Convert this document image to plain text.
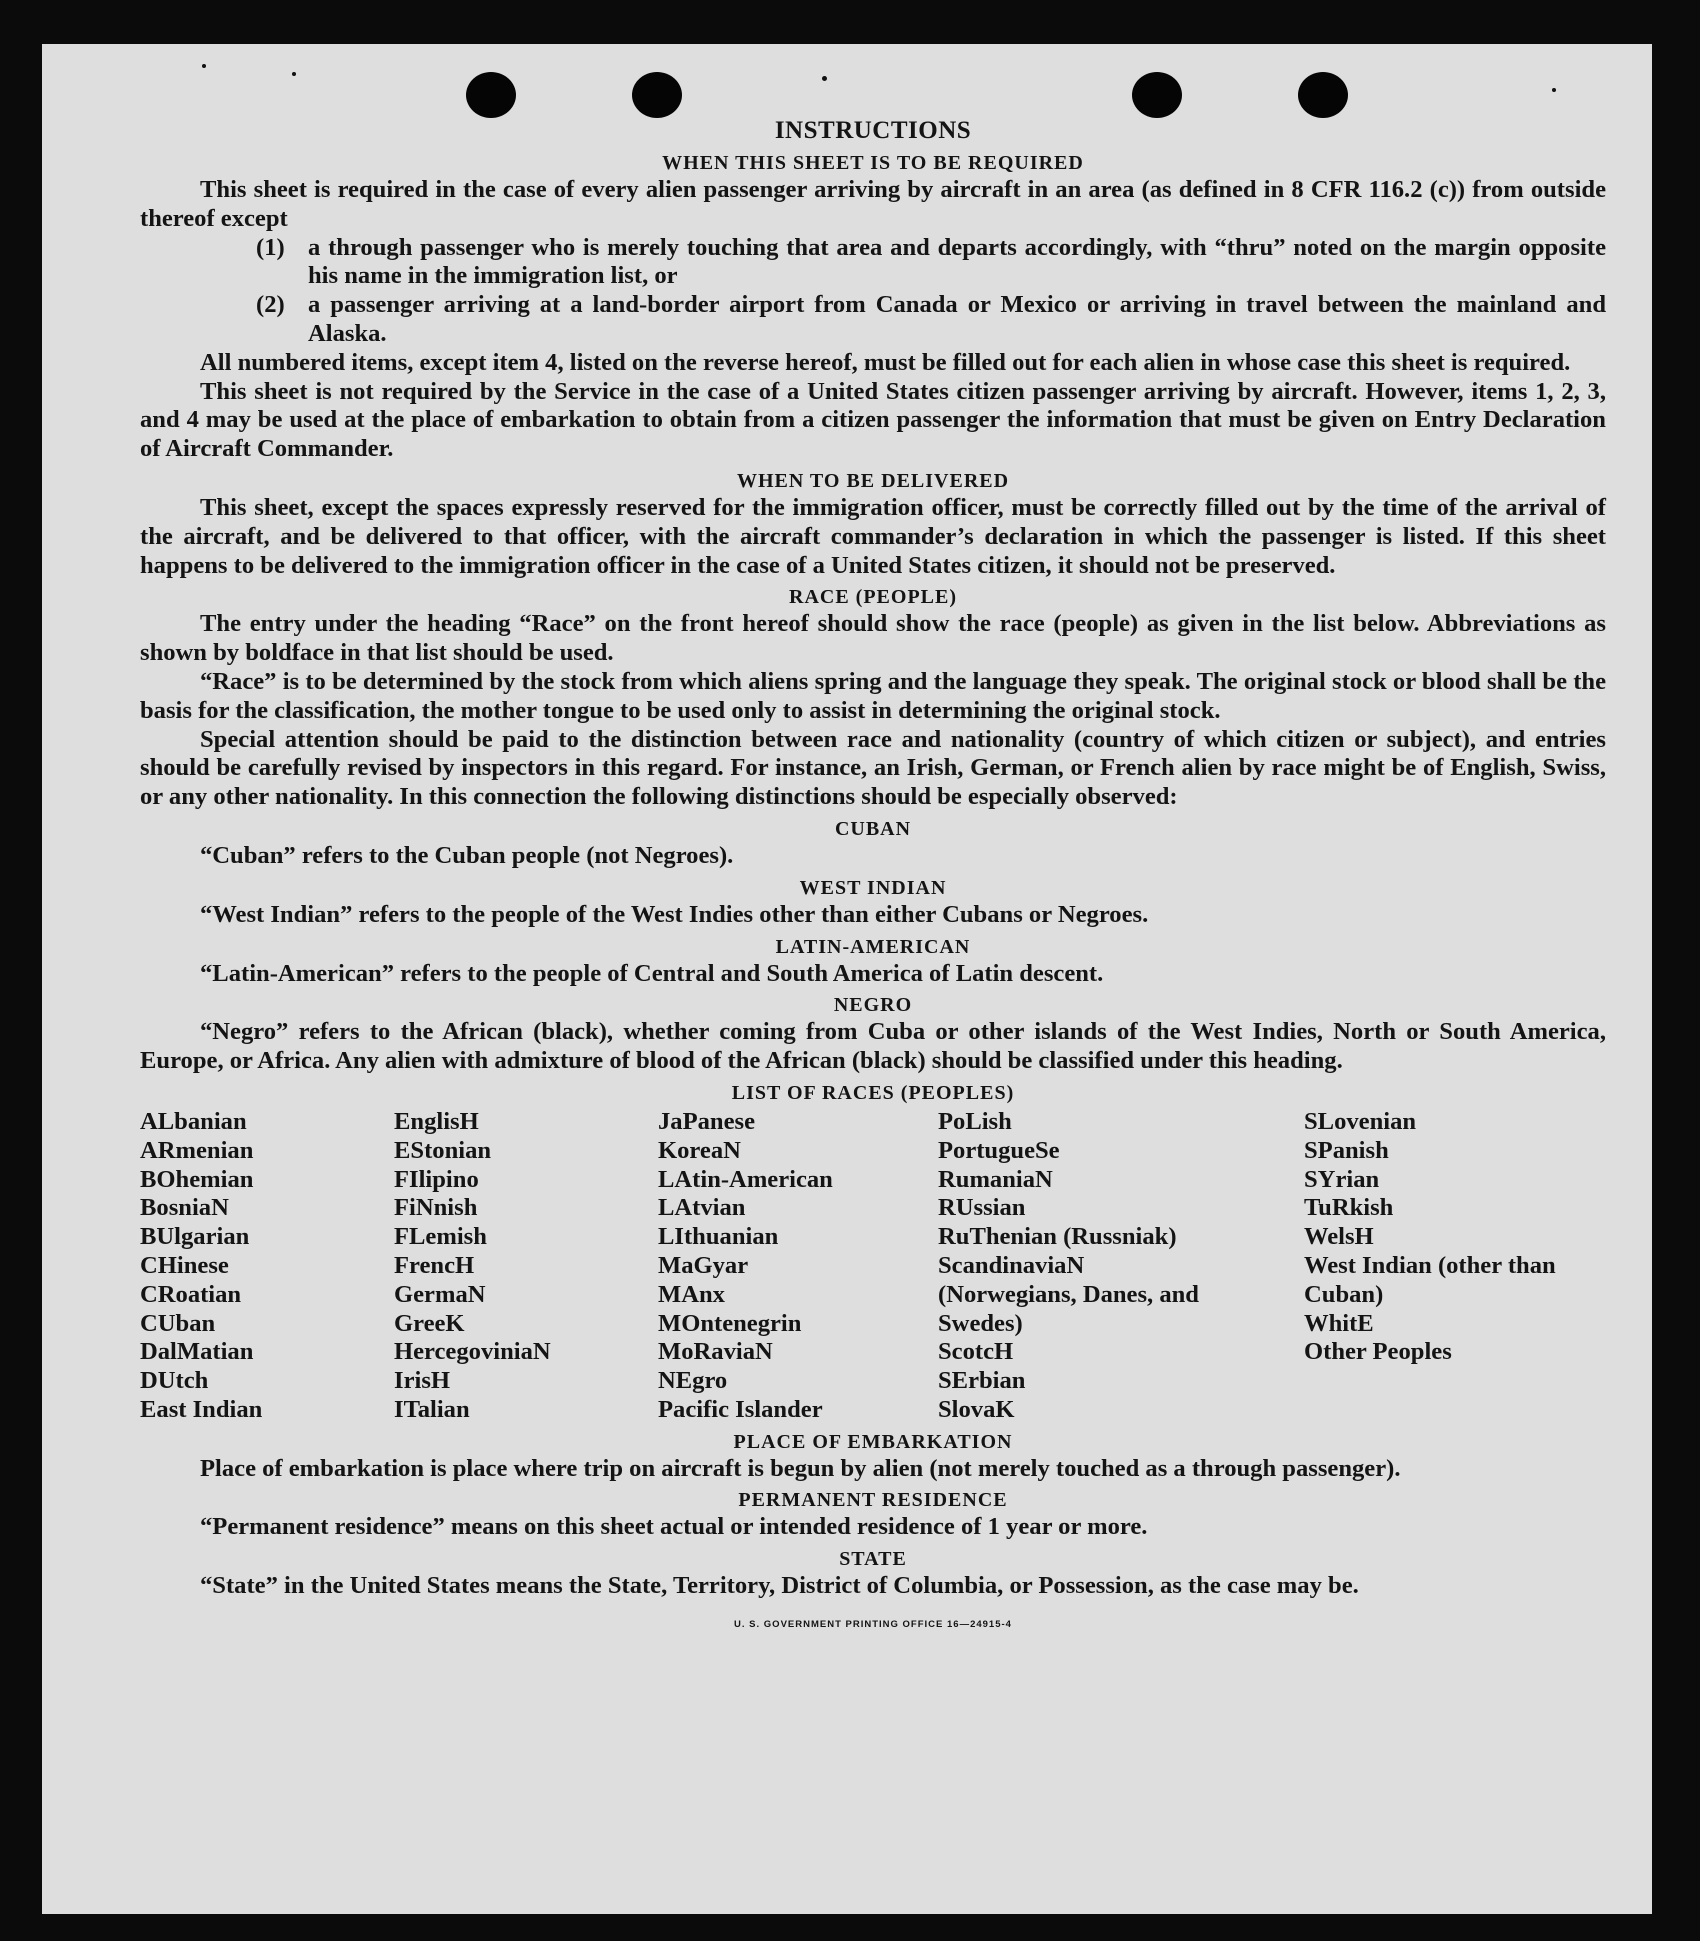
INSTRUCTIONS
WHEN THIS SHEET IS TO BE REQUIRED

This sheet is required in the case of every alien passenger arriving by aircraft in an area (as defined in 8 CFR 116.2 (c)) from outside thereof except

(1) a through passenger who is merely touching that area and departs accordingly, with “thru” noted on the margin opposite his name in the immigration list, or
(2) a passenger arriving at a land-border airport from Canada or Mexico or arriving in travel between the mainland and Alaska.

All numbered items, except item 4, listed on the reverse hereof, must be filled out for each alien in whose case this sheet is required.

This sheet is not required by the Service in the case of a United States citizen passenger arriving by aircraft. However, items 1, 2, 3, and 4 may be used at the place of embarkation to obtain from a citizen passenger the information that must be given on Entry Declaration of Aircraft Commander.

WHEN TO BE DELIVERED

This sheet, except the spaces expressly reserved for the immigration officer, must be correctly filled out by the time of the arrival of the aircraft, and be delivered to that officer, with the aircraft commander’s declaration in which the passenger is listed. If this sheet happens to be delivered to the immigration officer in the case of a United States citizen, it should not be preserved.

RACE (PEOPLE)

The entry under the heading “Race” on the front hereof should show the race (people) as given in the list below. Abbreviations as shown by boldface in that list should be used.

“Race” is to be determined by the stock from which aliens spring and the language they speak. The original stock or blood shall be the basis for the classification, the mother tongue to be used only to assist in determining the original stock.

Special attention should be paid to the distinction between race and nationality (country of which citizen or subject), and entries should be carefully revised by inspectors in this regard. For instance, an Irish, German, or French alien by race might be of English, Swiss, or any other nationality. In this connection the following distinctions should be especially observed:

CUBAN

“Cuban” refers to the Cuban people (not Negroes).

WEST INDIAN

“West Indian” refers to the people of the West Indies other than either Cubans or Negroes.

LATIN-AMERICAN

“Latin-American” refers to the people of Central and South America of Latin descent.

NEGRO

“Negro” refers to the African (black), whether coming from Cuba or other islands of the West Indies, North or South America, Europe, or Africa. Any alien with admixture of blood of the African (black) should be classified under this heading.

LIST OF RACES (PEOPLES)
ALbanian
ARmenian
BOhemian
BosniaN
BUlgarian
CHinese
CRoatian
CUban
DalMatian
DUtch
East Indian
EnglisH
EStonian
FIlipino
FiNnish
FLemish
FrencH
GermaN
GreeK
HercegoviniaN
IrisH
ITalian
JaPanese
KoreaN
LAtin-American
LAtvian
LIthuanian
MaGyar
MAnx
MOntenegrin
MoRaviaN
NEgro
Pacific Islander
PoLish
PortugueSe
RumaniaN
RUssian
RuThenian (Russniak)
ScandinaviaN (Norwegians, Danes, and Swedes)
ScotcH
SErbian
SlovaK
SLovenian
SPanish
SYrian
TuRkish
WelsH
West Indian (other than Cuban)
WhitE
Other Peoples
PLACE OF EMBARKATION

Place of embarkation is place where trip on aircraft is begun by alien (not merely touched as a through passenger).

PERMANENT RESIDENCE

“Permanent residence” means on this sheet actual or intended residence of 1 year or more.

STATE

“State” in the United States means the State, Territory, District of Columbia, or Possession, as the case may be.

U. S. GOVERNMENT PRINTING OFFICE 16—24915-4
